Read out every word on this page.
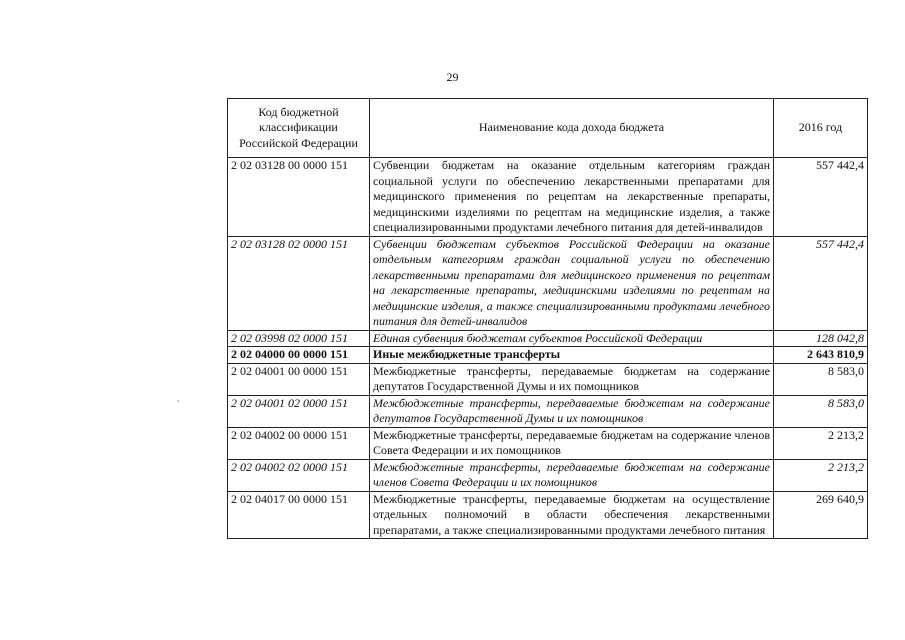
29
Код бюджетной
классификации
Российской Федерации	Наименование кода дохода бюджета	2016 год
2 02 03128 00 0000 151	Субвенции бюджетам на оказание отдельным категориям граждан социальной услуги по обеспечению лекарственными препаратами для медицинского применения по рецептам на лекарственные препараты, медицинскими изделиями по рецептам на медицинские изделия, а также специализированными продуктами лечебного питания для детей-инвалидов	557 442,4
2 02 03128 02 0000 151	Субвенции бюджетам субъектов Российской Федерации на оказание отдельным категориям граждан социальной услуги по обеспечению лекарственными препаратами для медицинского применения по рецептам на лекарственные препараты, медицинскими изделиями по рецептам на медицинские изделия, а также специализированными продуктами лечебного питания для детей-инвалидов	557 442,4
2 02 03998 02 0000 151	Единая субвенция бюджетам субъектов Российской Федерации	128 042,8
2 02 04000 00 0000 151	Иные межбюджетные трансферты	2 643 810,9
2 02 04001 00 0000 151	Межбюджетные трансферты, передаваемые бюджетам на содержание депутатов Государственной Думы и их помощников	8 583,0
2 02 04001 02 0000 151	Межбюджетные трансферты, передаваемые бюджетам на содержание депутатов Государственной Думы и их помощников	8 583,0
2 02 04002 00 0000 151	Межбюджетные трансферты, передаваемые бюджетам на содержание членов Совета Федерации и их помощников	2 213,2
2 02 04002 02 0000 151	Межбюджетные трансферты, передаваемые бюджетам на содержание членов Совета Федерации и их помощников	2 213,2
2 02 04017 00 0000 151	Межбюджетные трансферты, передаваемые бюджетам на осуществление отдельных полномочий в области обеспечения лекарственными препаратами, а также специализированными продуктами лечебного питания	269 640,9
